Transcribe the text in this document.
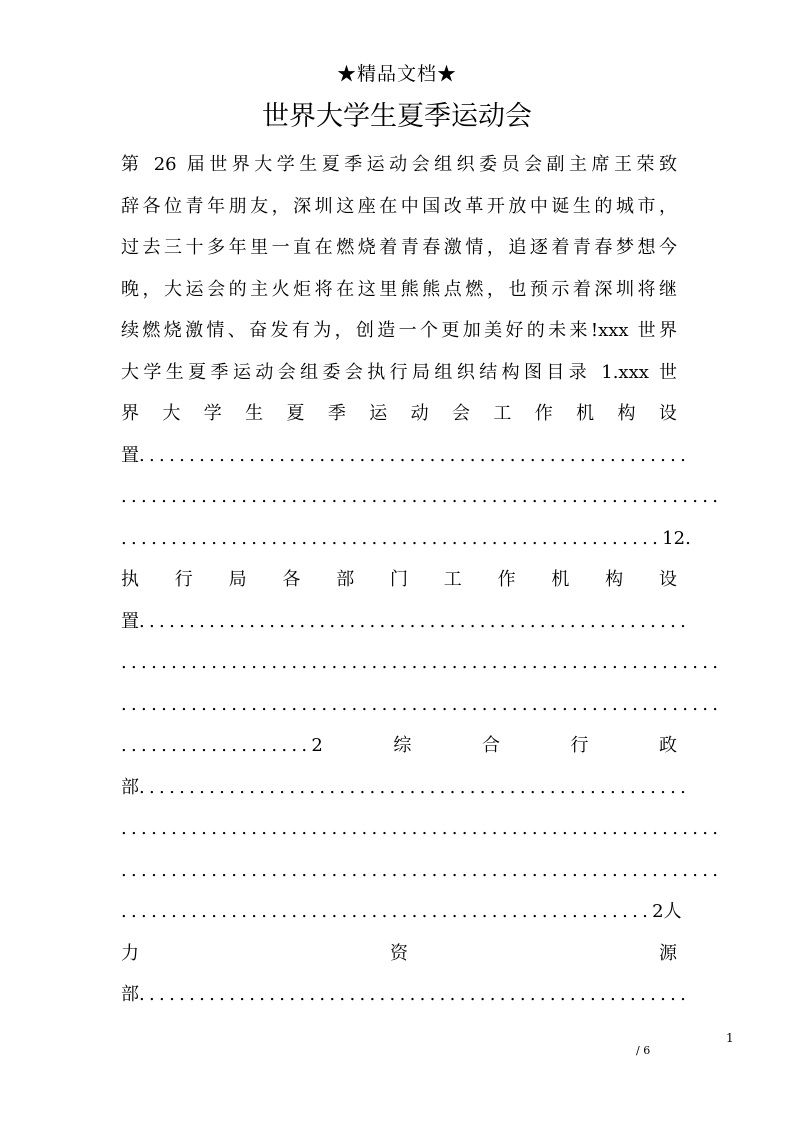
★精品文档★
世界大学生夏季运动会
第 26 届世界大学生夏季运动会组织委员会副主席王荣致
辞各位青年朋友，深圳这座在中国改革开放中诞生的城市，
过去三十多年里一直在燃烧着青春激情，追逐着青春梦想今
晚，大运会的主火炬将在这里熊熊点燃，也预示着深圳将继
续燃烧激情、奋发有为，创造一个更加美好的未来!xxx 世界
大学生夏季运动会组委会执行局组织结构图目录 1.xxx 世
界 大 学 生 夏 季 运 动 会 工 作 机 构 设
置.......................................................
............................................................
...................................................... 12.
执 行 局 各 部 门 工 作 机 构 设
置.......................................................
............................................................
............................................................
...................2	综	合	行	政
部.......................................................
............................................................
............................................................
.....................................................2 人
力	资	源
部.......................................................
1
/ 6
